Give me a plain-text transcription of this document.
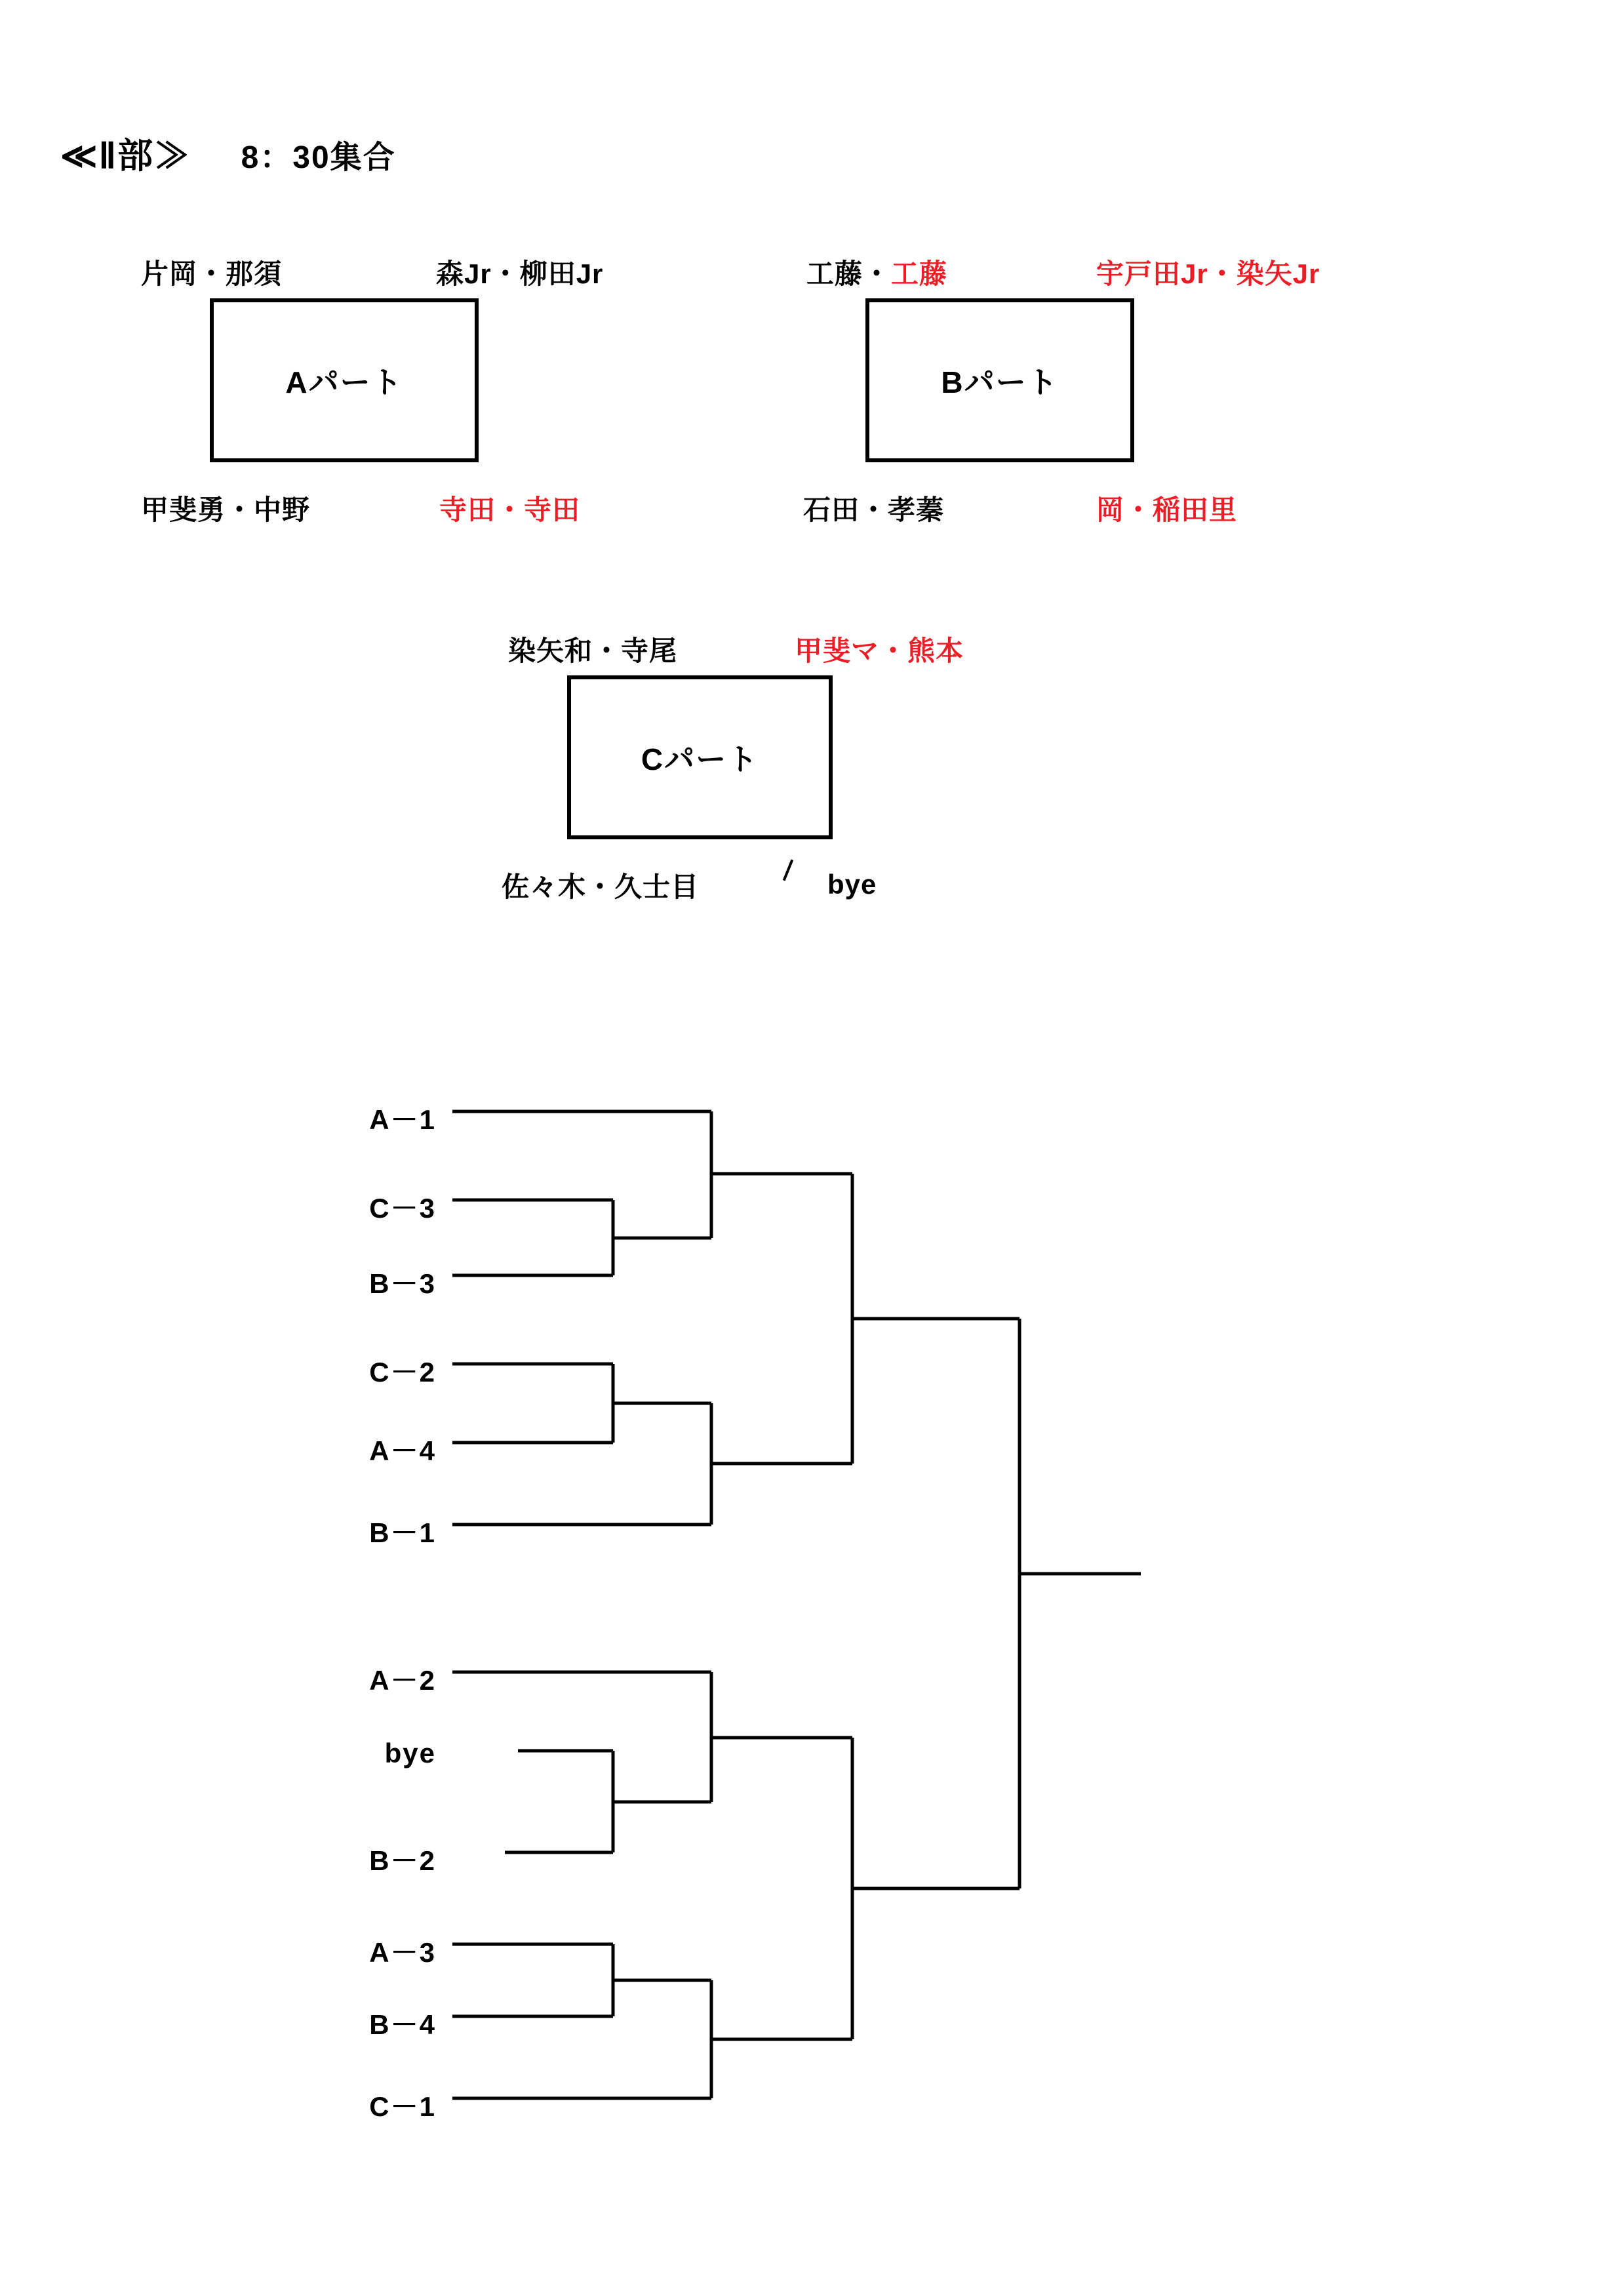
≪Ⅱ部≫ 8：30集合
Aパート
片岡・那須	森Jr・柳田Jr
甲斐勇・中野	寺田・寺田
Bパート
工藤・工藤	宇戸田Jr・染矢Jr
石田・孝蓁	岡・稲田里
Cパート
染矢和・寺尾	甲斐マ・熊本
佐々木・久士目	bye
A－1
C－3
B－3
C－2
A－4
B－1
A－2
bye
B－2
A－3
B－4
C－1
